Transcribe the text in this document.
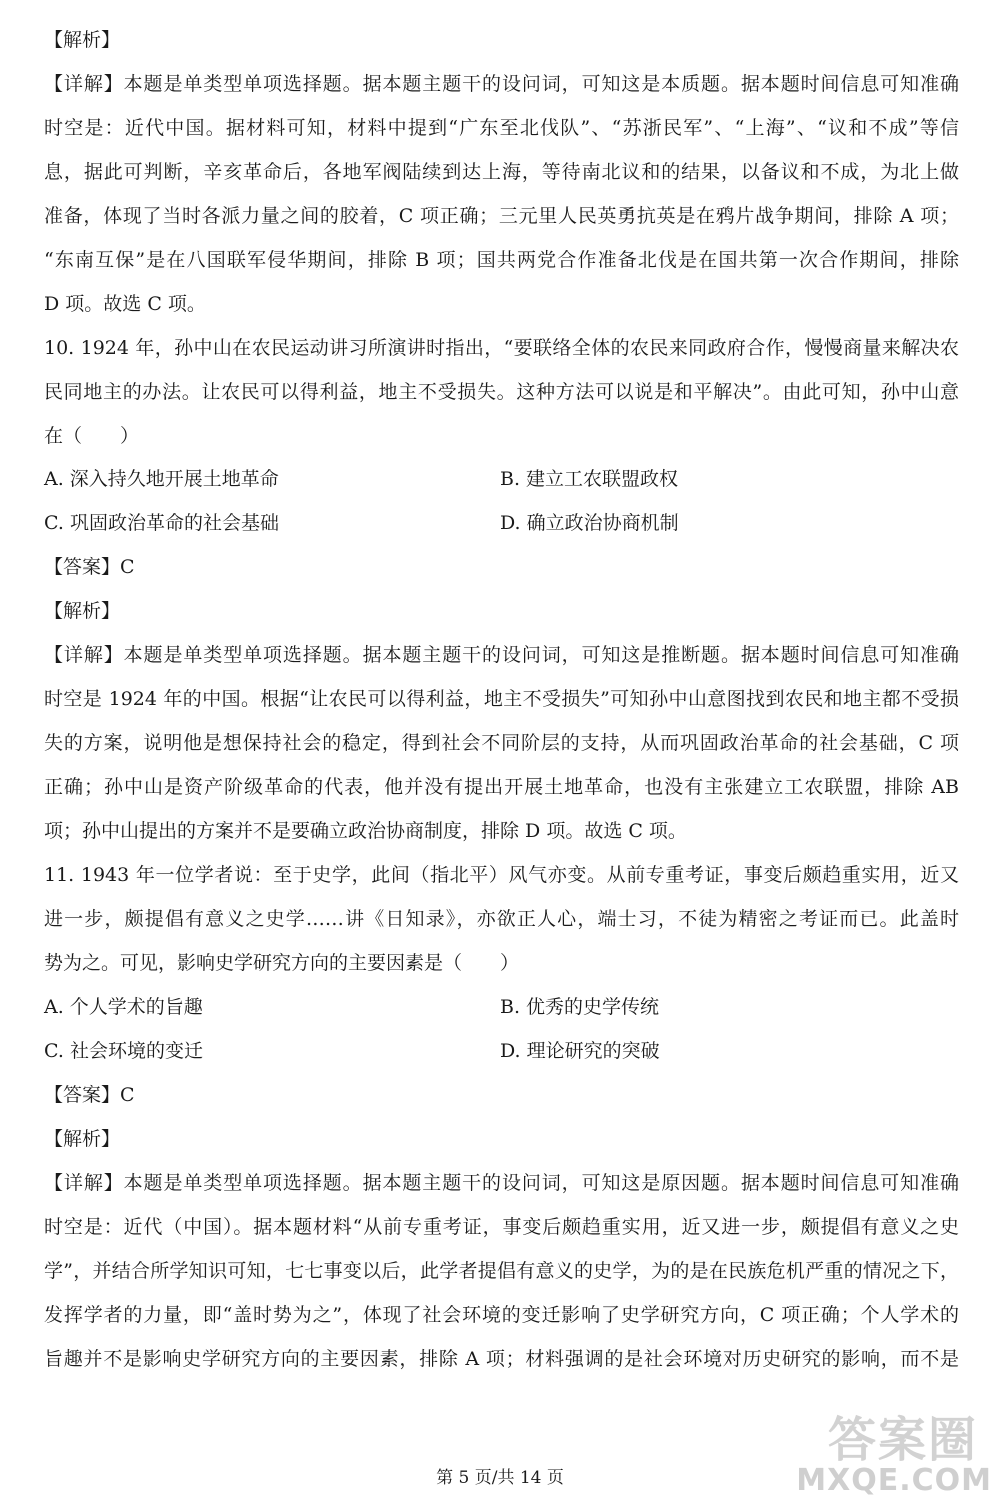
【解析】
【详解】本题是单类型单项选择题。据本题主题干的设问词，可知这是本质题。据本题时间信息可知准确
时空是：近代中国。据材料可知，材料中提到“广东至北伐队”、“苏浙民军”、“上海”、“议和不成”等信
息，据此可判断，辛亥革命后，各地军阀陆续到达上海，等待南北议和的结果，以备议和不成，为北上做
准备，体现了当时各派力量之间的胶着，C 项正确；三元里人民英勇抗英是在鸦片战争期间，排除 A 项；
“东南互保”是在八国联军侵华期间，排除 B 项；国共两党合作准备北伐是在国共第一次合作期间，排除
D 项。故选 C 项。
10. 1924 年，孙中山在农民运动讲习所演讲时指出，“要联络全体的农民来同政府合作，慢慢商量来解决农
民同地主的办法。让农民可以得利益，地主不受损失。这种方法可以说是和平解决”。由此可知，孙中山意
在（　　）
A. 深入持久地开展土地革命	B. 建立工农联盟政权
C. 巩固政治革命的社会基础	D. 确立政治协商机制
【答案】C
【解析】
【详解】本题是单类型单项选择题。据本题主题干的设问词，可知这是推断题。据本题时间信息可知准确
时空是 1924 年的中国。根据“让农民可以得利益，地主不受损失”可知孙中山意图找到农民和地主都不受损
失的方案，说明他是想保持社会的稳定，得到社会不同阶层的支持，从而巩固政治革命的社会基础，C 项
正确；孙中山是资产阶级革命的代表，他并没有提出开展土地革命，也没有主张建立工农联盟，排除 AB
项；孙中山提出的方案并不是要确立政治协商制度，排除 D 项。故选 C 项。
11. 1943 年一位学者说：至于史学，此间（指北平）风气亦变。从前专重考证，事变后颇趋重实用，近又
进一步，颇提倡有意义之史学……讲《日知录》，亦欲正人心，端士习，不徒为精密之考证而已。此盖时
势为之。可见，影响史学研究方向的主要因素是（　　）
A. 个人学术的旨趣	B. 优秀的史学传统
C. 社会环境的变迁	D. 理论研究的突破
【答案】C
【解析】
【详解】本题是单类型单项选择题。据本题主题干的设问词，可知这是原因题。据本题时间信息可知准确
时空是：近代（中国）。据本题材料“从前专重考证，事变后颇趋重实用，近又进一步，颇提倡有意义之史
学”，并结合所学知识可知，七七事变以后，此学者提倡有意义的史学，为的是在民族危机严重的情况之下，
发挥学者的力量，即“盖时势为之”，体现了社会环境的变迁影响了史学研究方向，C 项正确；个人学术的
旨趣并不是影响史学研究方向的主要因素，排除 A 项；材料强调的是社会环境对历史研究的影响，而不是
第 5 页/共 14 页
答案圈
MXQE.COM
